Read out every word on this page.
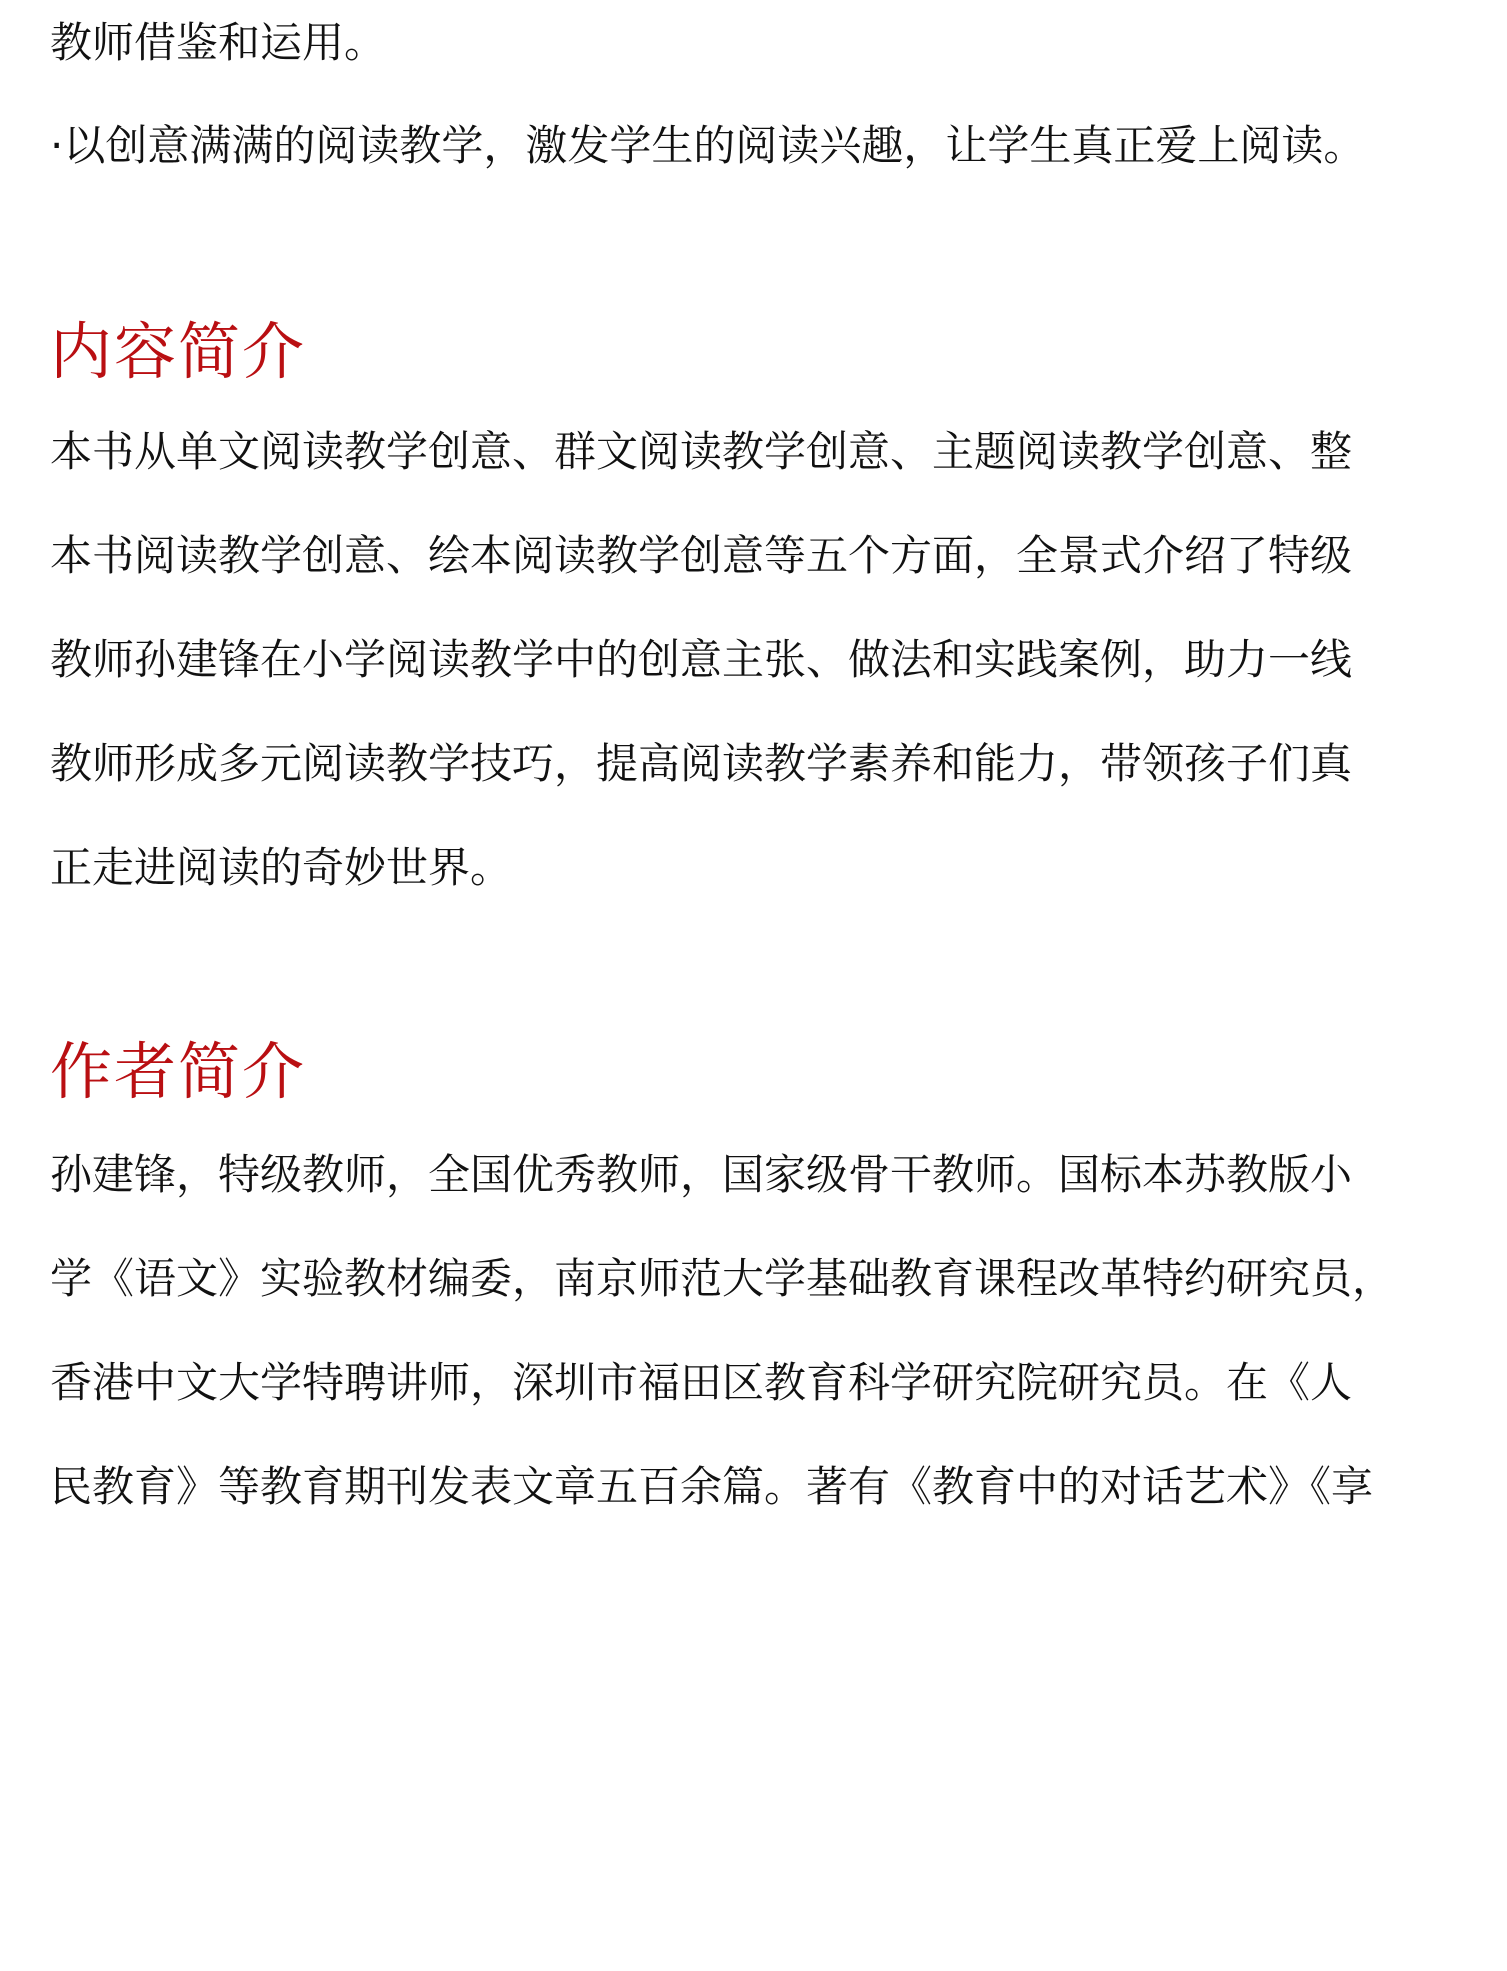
教师借鉴和运用。
·以创意满满的阅读教学，激发学生的阅读兴趣，让学生真正爱上阅读。
内容简介
本书从单文阅读教学创意、群文阅读教学创意、主题阅读教学创意、整
本书阅读教学创意、绘本阅读教学创意等五个方面，全景式介绍了特级
教师孙建锋在小学阅读教学中的创意主张、做法和实践案例，助力一线
教师形成多元阅读教学技巧，提高阅读教学素养和能力，带领孩子们真
正走进阅读的奇妙世界。
作者简介
孙建锋，特级教师，全国优秀教师，国家级骨干教师。国标本苏教版小
学《语文》实验教材编委，南京师范大学基础教育课程改革特约研究员，
香港中文大学特聘讲师，深圳市福田区教育科学研究院研究员。在《人
民教育》等教育期刊发表文章五百余篇。著有《教育中的对话艺术》《享
